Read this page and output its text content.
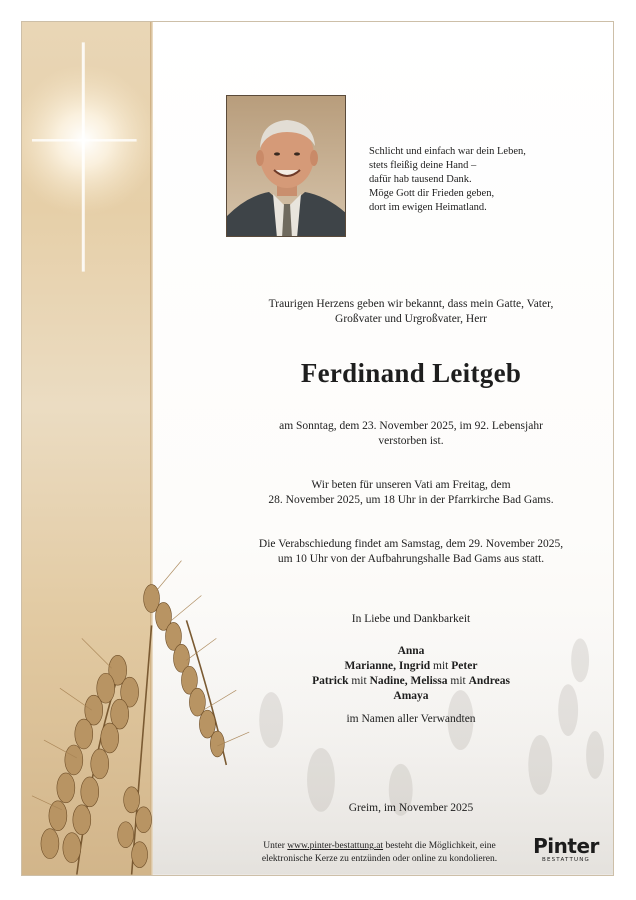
Schlicht und einfach war dein Leben,
stets fleißig deine Hand –
dafür hab tausend Dank.
Möge Gott dir Frieden geben,
dort im ewigen Heimatland.
Traurigen Herzens geben wir bekannt, dass mein Gatte, Vater,
Großvater und Urgroßvater, Herr
Ferdinand Leitgeb
am Sonntag, dem 23. November 2025, im 92. Lebensjahr
verstorben ist.
Wir beten für unseren Vati am Freitag, dem
28. November 2025, um 18 Uhr in der Pfarrkirche Bad Gams.
Die Verabschiedung findet am Samstag, dem 29. November 2025,
um 10 Uhr von der Aufbahrungshalle Bad Gams aus statt.
In Liebe und Dankbarkeit
Anna
Marianne, Ingrid mit Peter
Patrick mit Nadine, Melissa mit Andreas
Amaya
im Namen aller Verwandten
Greim, im November 2025
Unter www.pinter-bestattung.at besteht die Möglichkeit, eine
elektronische Kerze zu entzünden oder online zu kondolieren.
Pinter
BESTATTUNG
